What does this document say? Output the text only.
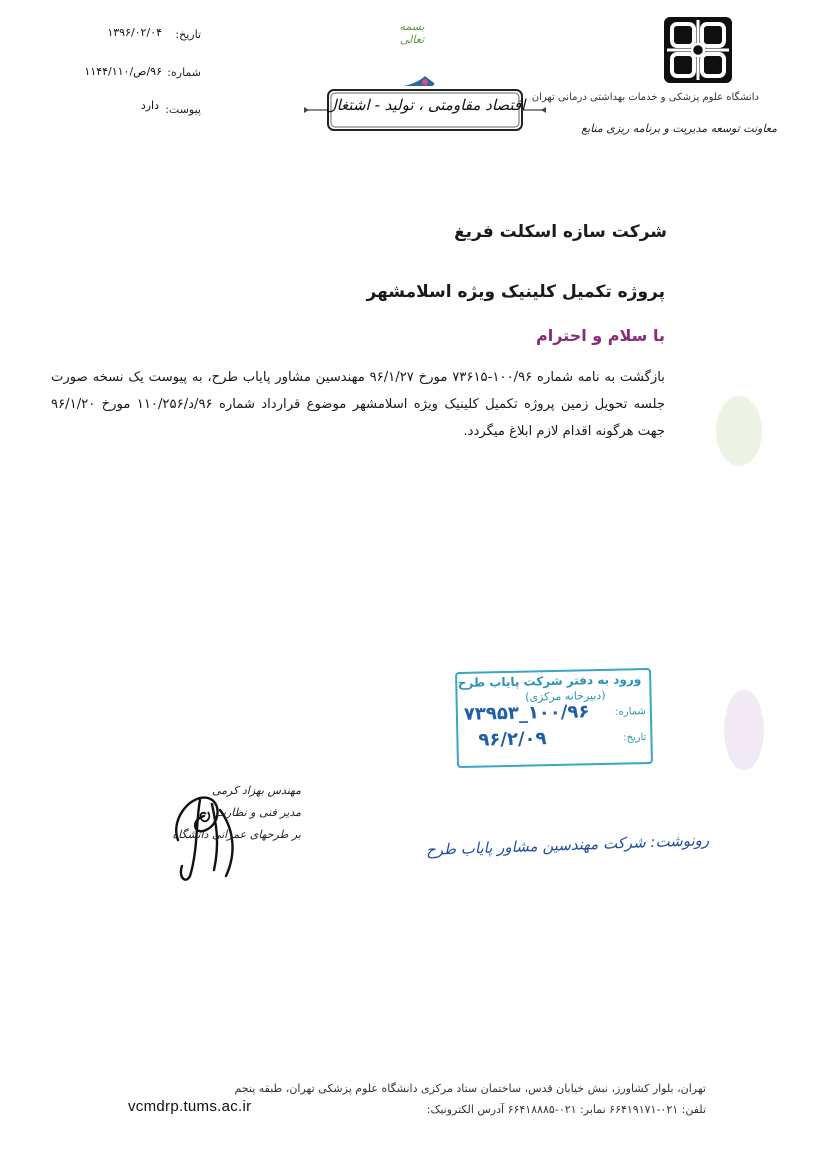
دانشگاه علوم پزشکی و خدمات بهداشتی درمانی تهران
معاونت توسعه مدیریت و برنامه ریزی منابع
بسمه تعالی
اقتصاد مقاومتی ، تولید - اشتغال
تاریخ:
۱۳۹۶/۰۲/۰۴
شماره:
۹۶/ص/۱۱۴۴/۱۱۰
پیوست:
دارد
شرکت سازه اسکلت فریغ
پروژه تکمیل کلینیک ویژه اسلامشهر
با سلام و احترام
بازگشت به نامه شماره ۱۰۰/۹۶-۷۳۶۱۵ مورخ ۹۶/۱/۲۷ مهندسین مشاور پایاب طرح، به پیوست یک نسخه صورت جلسه تحویل زمین پروژه تکمیل کلینیک ویژه اسلامشهر موضوع قرارداد شماره ۹۶/د/۱۱۰/۲۵۶ مورخ ۹۶/۱/۲۰ جهت هرگونه اقدام لازم ابلاغ میگردد.
ورود به دفتر شرکت پایاب طرح
(دبیرخانه مرکزی)
شماره:
۱۰۰/۹۶_۷۳۹۵۳
تاریخ:
۹۶/۲/۰۹
مهندس بهزاد کرمی
مدیر فنی و نظارت
بر طرحهای عمرانی دانشگاه	رونوشت: شرکت مهندسین مشاور پایاب طرح
تهران، بلوار کشاورز، نبش خیابان قدس، ساختمان ستاد مرکزی دانشگاه علوم پزشکی تهران، طبقه پنجم
تلفن: ۰۲۱-۶۶۴۱۹۱۷۱ نمابر: ۰۲۱-۶۶۴۱۸۸۸۵ آدرس الکترونیک:
vcmdrp.tums.ac.ir
